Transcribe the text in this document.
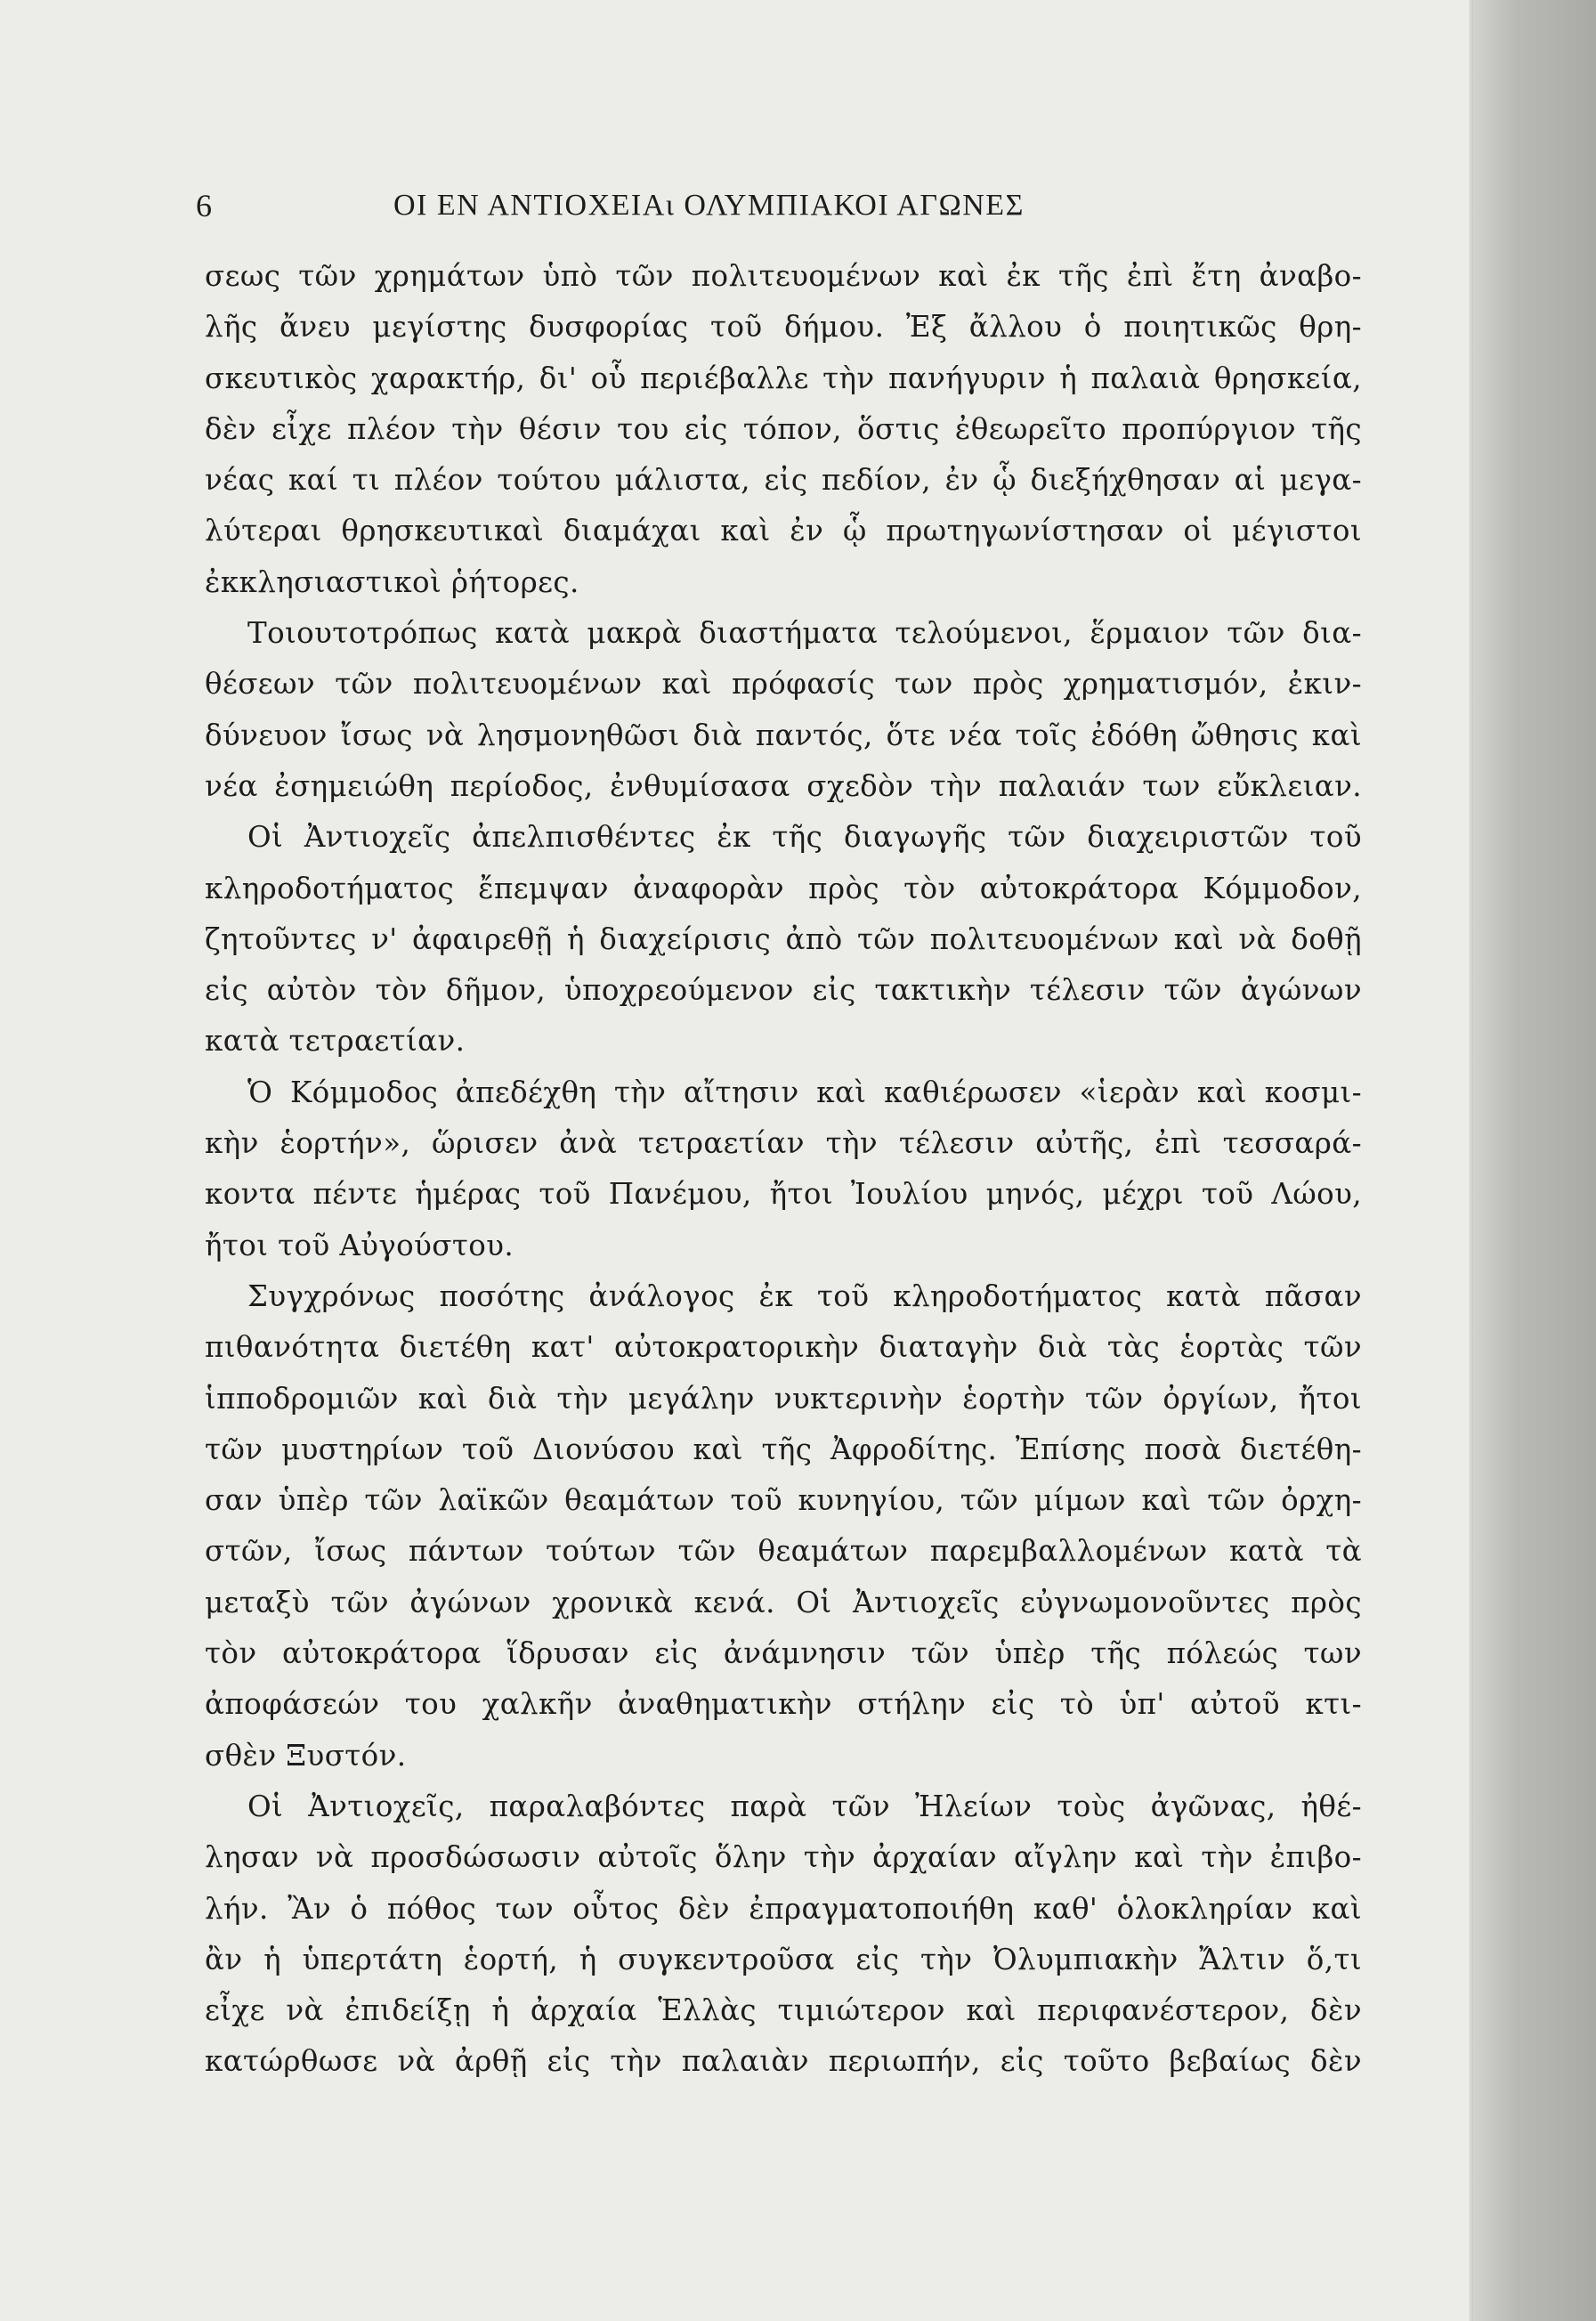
6	ΟΙ ΕΝ ΑΝΤΙΟΧΕΙΑι ΟΛΥΜΠΙΑΚΟΙ ΑΓΩΝΕΣ
σεως τῶν χρημάτων ὑπὸ τῶν πολιτευομένων καὶ ἐκ τῆς ἐπὶ ἔτη ἀναβο-
λῆς ἄνευ μεγίστης δυσφορίας τοῦ δήμου. Ἐξ ἄλλου ὁ ποιητικῶς θρη-
σκευτικὸς χαρακτήρ, δι' οὗ περιέβαλλε τὴν πανήγυριν ἡ παλαιὰ θρησκεία,
δὲν εἶχε πλέον τὴν θέσιν του εἰς τόπον, ὅστις ἐθεωρεῖτο προπύργιον τῆς
νέας καί τι πλέον τούτου μάλιστα, εἰς πεδίον, ἐν ᾧ διεξήχθησαν αἱ μεγα-
λύτεραι θρησκευτικαὶ διαμάχαι καὶ ἐν ᾧ πρωτηγωνίστησαν οἱ μέγιστοι
ἐκκλησιαστικοὶ ῥήτορες.
Τοιουτοτρόπως κατὰ μακρὰ διαστήματα τελούμενοι, ἕρμαιον τῶν δια-
θέσεων τῶν πολιτευομένων καὶ πρόφασίς των πρὸς χρηματισμόν, ἐκιν-
δύνευον ἴσως νὰ λησμονηθῶσι διὰ παντός, ὅτε νέα τοῖς ἐδόθη ὤθησις καὶ
νέα ἐσημειώθη περίοδος, ἐνθυμίσασα σχεδὸν τὴν παλαιάν των εὔκλειαν.
Οἱ Ἀντιοχεῖς ἀπελπισθέντες ἐκ τῆς διαγωγῆς τῶν διαχειριστῶν τοῦ
κληροδοτήματος ἔπεμψαν ἀναφορὰν πρὸς τὸν αὐτοκράτορα Κόμμοδον,
ζητοῦντες ν' ἀφαιρεθῇ ἡ διαχείρισις ἀπὸ τῶν πολιτευομένων καὶ νὰ δοθῇ
εἰς αὐτὸν τὸν δῆμον, ὑποχρεούμενον εἰς τακτικὴν τέλεσιν τῶν ἀγώνων
κατὰ τετραετίαν.
Ὁ Κόμμοδος ἀπεδέχθη τὴν αἴτησιν καὶ καθιέρωσεν «ἱερὰν καὶ κοσμι-
κὴν ἑορτήν», ὥρισεν ἀνὰ τετραετίαν τὴν τέλεσιν αὐτῆς, ἐπὶ τεσσαρά-
κοντα πέντε ἡμέρας τοῦ Πανέμου, ἤτοι Ἰουλίου μηνός, μέχρι τοῦ Λώου,
ἤτοι τοῦ Αὐγούστου.
Συγχρόνως ποσότης ἀνάλογος ἐκ τοῦ κληροδοτήματος κατὰ πᾶσαν
πιθανότητα διετέθη κατ' αὐτοκρατορικὴν διαταγὴν διὰ τὰς ἑορτὰς τῶν
ἱπποδρομιῶν καὶ διὰ τὴν μεγάλην νυκτερινὴν ἑορτὴν τῶν ὀργίων, ἤτοι
τῶν μυστηρίων τοῦ Διονύσου καὶ τῆς Ἀφροδίτης. Ἐπίσης ποσὰ διετέθη-
σαν ὑπὲρ τῶν λαϊκῶν θεαμάτων τοῦ κυνηγίου, τῶν μίμων καὶ τῶν ὀρχη-
στῶν, ἴσως πάντων τούτων τῶν θεαμάτων παρεμβαλλομένων κατὰ τὰ
μεταξὺ τῶν ἀγώνων χρονικὰ κενά. Οἱ Ἀντιοχεῖς εὐγνωμονοῦντες πρὸς
τὸν αὐτοκράτορα ἵδρυσαν εἰς ἀνάμνησιν τῶν ὑπὲρ τῆς πόλεώς των
ἀποφάσεών του χαλκῆν ἀναθηματικὴν στήλην εἰς τὸ ὑπ' αὐτοῦ κτι-
σθὲν Ξυστόν.
Οἱ Ἀντιοχεῖς, παραλαβόντες παρὰ τῶν Ἠλείων τοὺς ἀγῶνας, ἠθέ-
λησαν νὰ προσδώσωσιν αὐτοῖς ὅλην τὴν ἀρχαίαν αἴγλην καὶ τὴν ἐπιβο-
λήν. Ἂν ὁ πόθος των οὗτος δὲν ἐπραγματοποιήθη καθ' ὁλοκληρίαν καὶ
ἂν ἡ ὑπερτάτη ἑορτή, ἡ συγκεντροῦσα εἰς τὴν Ὀλυμπιακὴν Ἄλτιν ὅ,τι
εἶχε νὰ ἐπιδείξῃ ἡ ἀρχαία Ἑλλὰς τιμιώτερον καὶ περιφανέστερον, δὲν
κατώρθωσε νὰ ἀρθῇ εἰς τὴν παλαιὰν περιωπήν, εἰς τοῦτο βεβαίως δὲν
